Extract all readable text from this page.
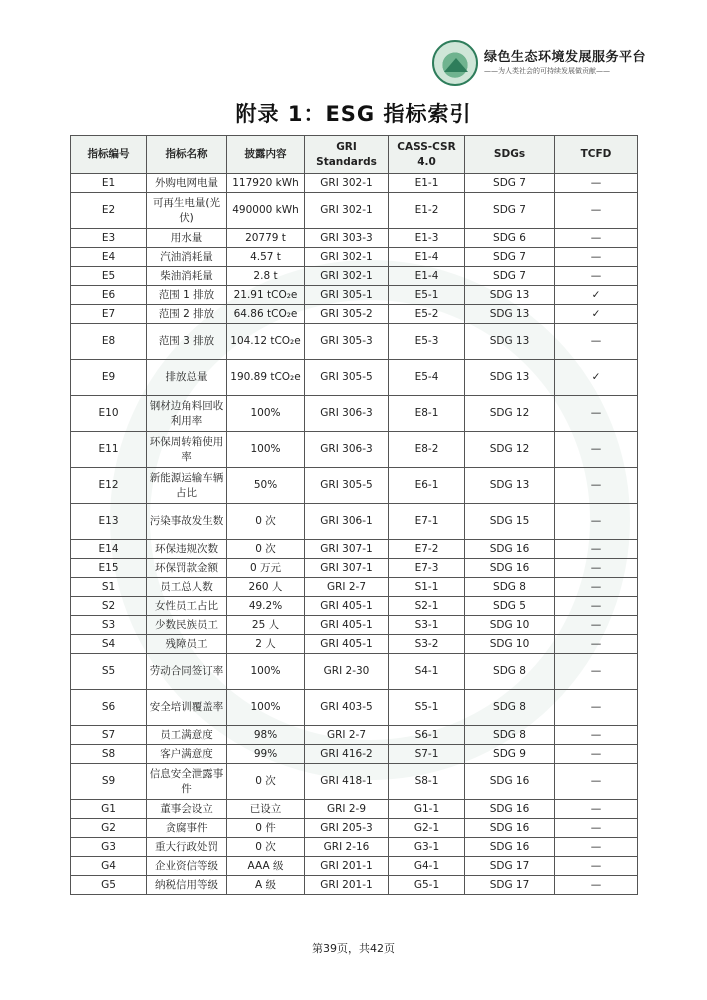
绿色生态环境发展服务平台
——为人类社会的可持续发展做贡献——
附录 1：ESG 指标索引
指标编号	指标名称	披露内容	GRI Standards	CASS-CSR 4.0	SDGs	TCFD
E1	外购电网电量	117920 kWh	GRI 302-1	E1-1	SDG 7	—
E2	可再生电量(光伏)	490000 kWh	GRI 302-1	E1-2	SDG 7	—
E3	用水量	20779 t	GRI 303-3	E1-3	SDG 6	—
E4	汽油消耗量	4.57 t	GRI 302-1	E1-4	SDG 7	—
E5	柴油消耗量	2.8 t	GRI 302-1	E1-4	SDG 7	—
E6	范围 1 排放	21.91 tCO₂e	GRI 305-1	E5-1	SDG 13	✓
E7	范围 2 排放	64.86 tCO₂e	GRI 305-2	E5-2	SDG 13	✓
E8	范围 3 排放	104.12 tCO₂e	GRI 305-3	E5-3	SDG 13	—
E9	排放总量	190.89 tCO₂e	GRI 305-5	E5-4	SDG 13	✓
E10	钢材边角料回收利用率	100%	GRI 306-3	E8-1	SDG 12	—
E11	环保周转箱使用率	100%	GRI 306-3	E8-2	SDG 12	—
E12	新能源运输车辆占比	50%	GRI 305-5	E6-1	SDG 13	—
E13	污染事故发生数	0 次	GRI 306-1	E7-1	SDG 15	—
E14	环保违规次数	0 次	GRI 307-1	E7-2	SDG 16	—
E15	环保罚款金额	0 万元	GRI 307-1	E7-3	SDG 16	—
S1	员工总人数	260 人	GRI 2-7	S1-1	SDG 8	—
S2	女性员工占比	49.2%	GRI 405-1	S2-1	SDG 5	—
S3	少数民族员工	25 人	GRI 405-1	S3-1	SDG 10	—
S4	残障员工	2 人	GRI 405-1	S3-2	SDG 10	—
S5	劳动合同签订率	100%	GRI 2-30	S4-1	SDG 8	—
S6	安全培训覆盖率	100%	GRI 403-5	S5-1	SDG 8	—
S7	员工满意度	98%	GRI 2-7	S6-1	SDG 8	—
S8	客户满意度	99%	GRI 416-2	S7-1	SDG 9	—
S9	信息安全泄露事件	0 次	GRI 418-1	S8-1	SDG 16	—
G1	董事会设立	已设立	GRI 2-9	G1-1	SDG 16	—
G2	贪腐事件	0 件	GRI 205-3	G2-1	SDG 16	—
G3	重大行政处罚	0 次	GRI 2-16	G3-1	SDG 16	—
G4	企业资信等级	AAA 级	GRI 201-1	G4-1	SDG 17	—
G5	纳税信用等级	A 级	GRI 201-1	G5-1	SDG 17	—
第39页，共42页
